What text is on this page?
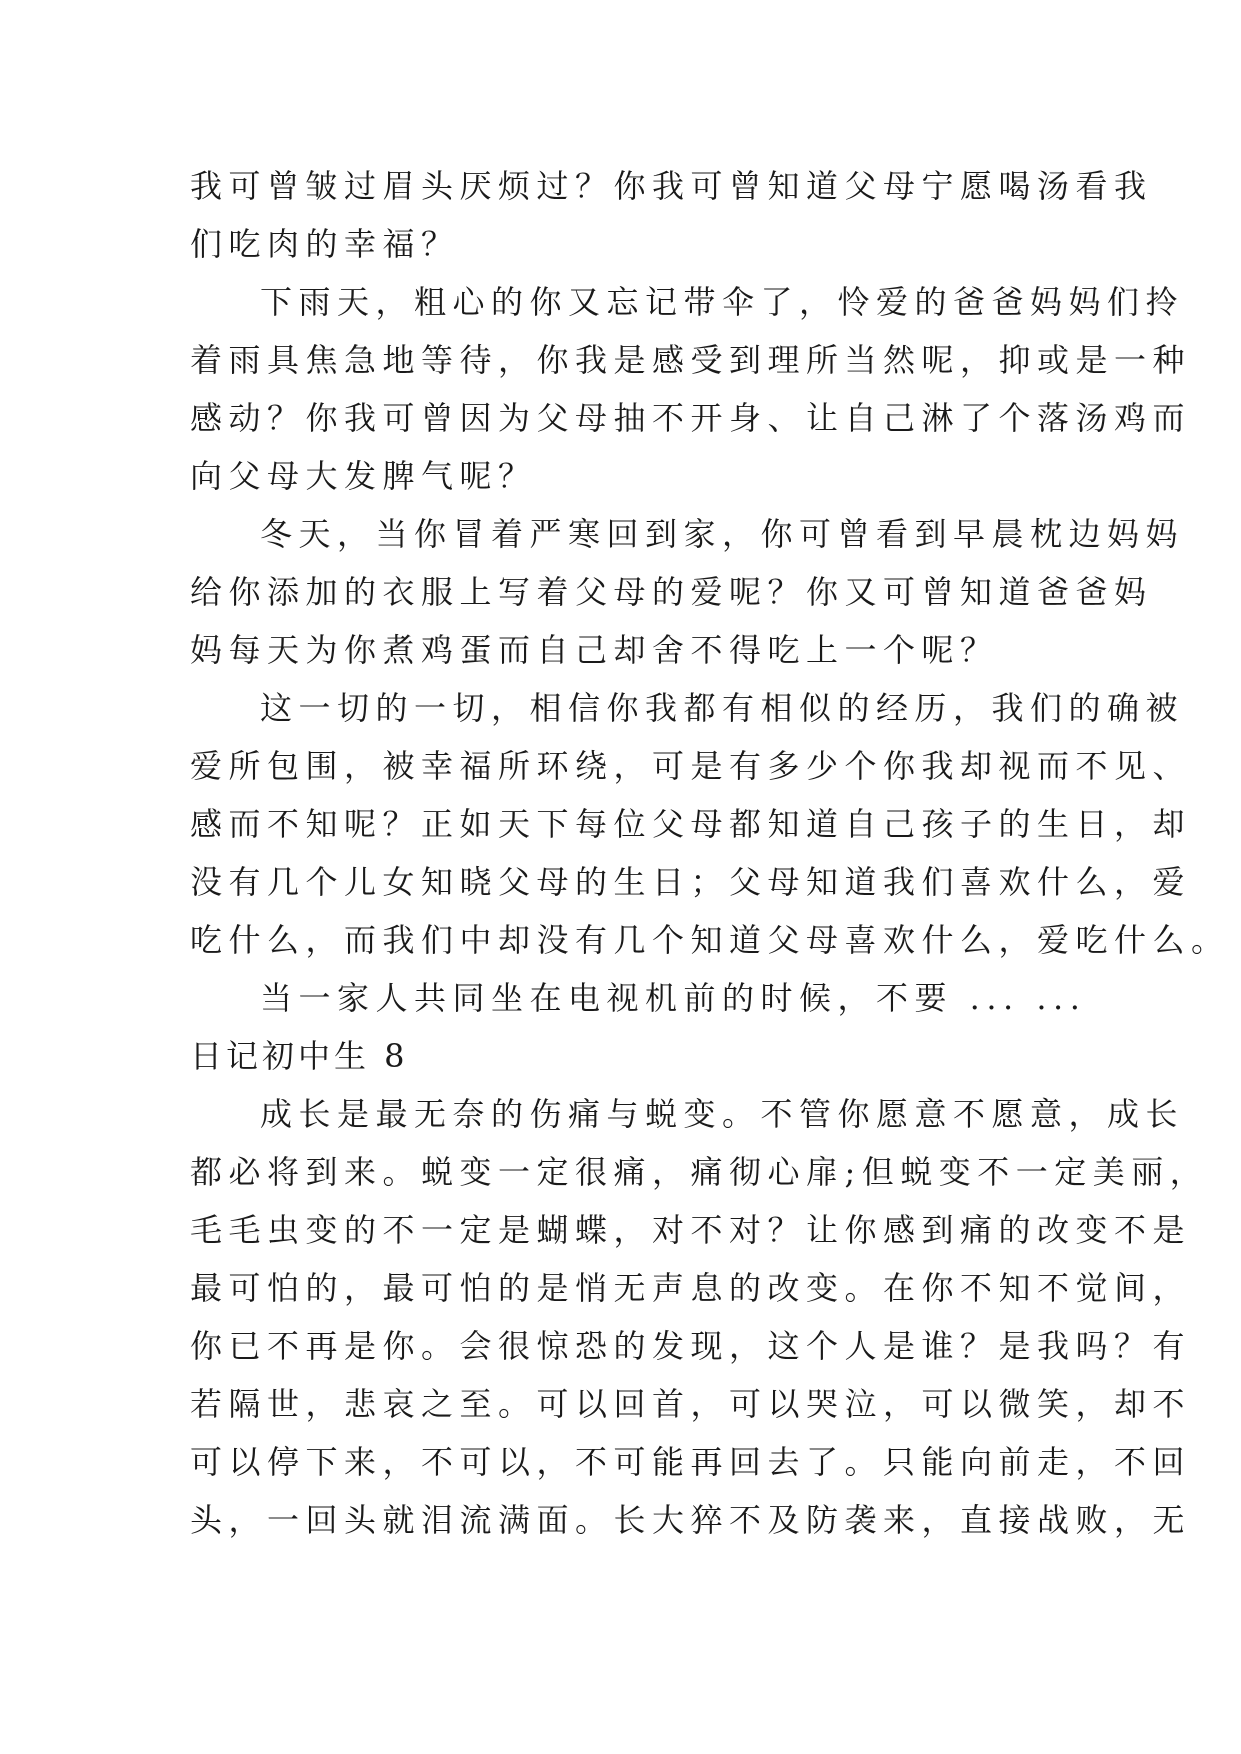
我可曾皱过眉头厌烦过？你我可曾知道父母宁愿喝汤看我
们吃肉的幸福？
下雨天，粗心的你又忘记带伞了，怜爱的爸爸妈妈们拎
着雨具焦急地等待，你我是感受到理所当然呢，抑或是一种
感动？你我可曾因为父母抽不开身、让自己淋了个落汤鸡而
向父母大发脾气呢？
冬天，当你冒着严寒回到家，你可曾看到早晨枕边妈妈
给你添加的衣服上写着父母的爱呢？你又可曾知道爸爸妈
妈每天为你煮鸡蛋而自己却舍不得吃上一个呢？
这一切的一切，相信你我都有相似的经历，我们的确被
爱所包围，被幸福所环绕，可是有多少个你我却视而不见、
感而不知呢？正如天下每位父母都知道自己孩子的生日，却
没有几个儿女知晓父母的生日；父母知道我们喜欢什么，爱
吃什么，而我们中却没有几个知道父母喜欢什么，爱吃什么。
当一家人共同坐在电视机前的时候，不要 ... ...
日记初中生 8
成长是最无奈的伤痛与蜕变。不管你愿意不愿意，成长
都必将到来。蜕变一定很痛，痛彻心扉;但蜕变不一定美丽，
毛毛虫变的不一定是蝴蝶，对不对？让你感到痛的改变不是
最可怕的，最可怕的是悄无声息的改变。在你不知不觉间，
你已不再是你。会很惊恐的发现，这个人是谁？是我吗？有
若隔世，悲哀之至。可以回首，可以哭泣，可以微笑，却不
可以停下来，不可以，不可能再回去了。只能向前走，不回
头，一回头就泪流满面。长大猝不及防袭来，直接战败，无
